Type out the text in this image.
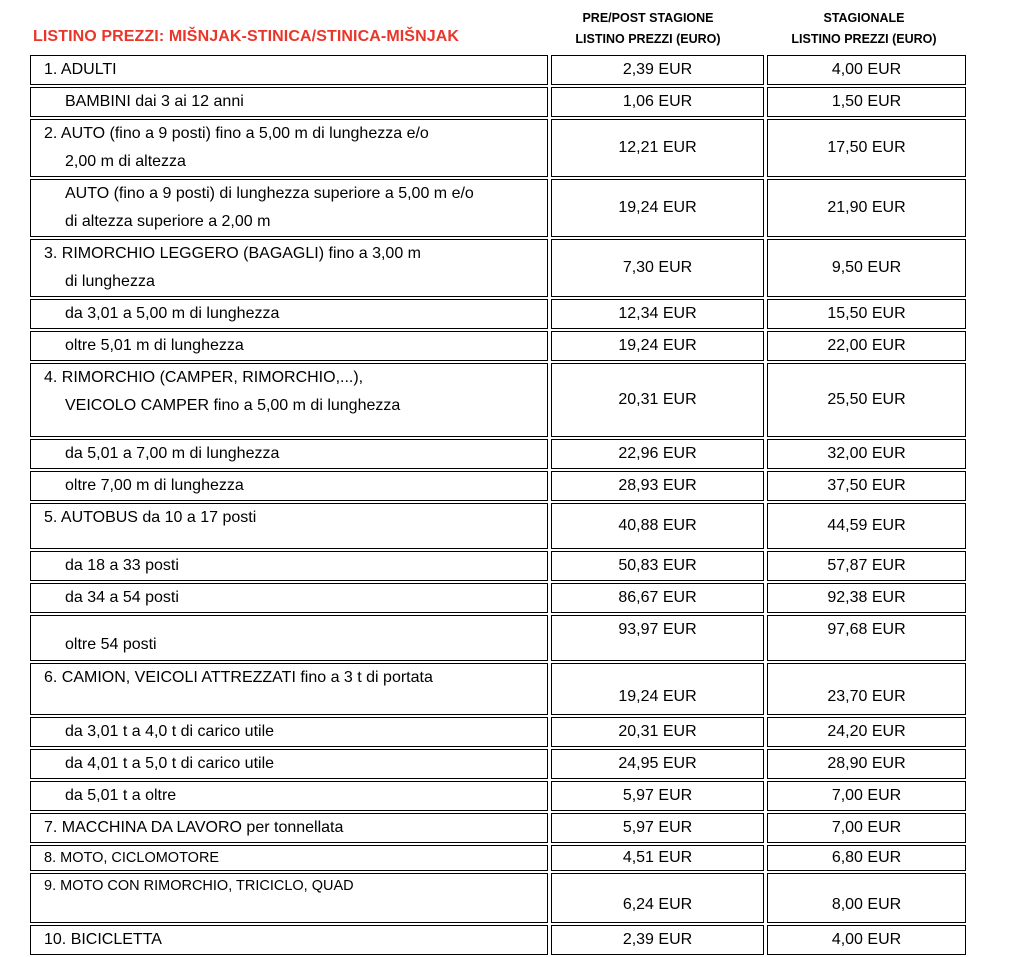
LISTINO PREZZI: MIŠNJAK-STINICA/STINICA-MIŠNJAK
PRE/POST STAGIONE
LISTINO PREZZI (EURO)
STAGIONALE
LISTINO PREZZI (EURO)
1. ADULTI		2,39 EUR		4,00 EUR
BAMBINI dai 3 ai 12 anni		1,06 EUR		1,50 EUR

2. AUTO (fino a 9 posti) fino a 5,00 m di lunghezza e/o
2,00 m di altezza		12,21 EUR		17,50 EUR

AUTO (fino a 9 posti) di lunghezza superiore a 5,00 m e/o
di altezza superiore a 2,00 m		19,24 EUR		21,90 EUR

3. RIMORCHIO LEGGERO (BAGAGLI) fino a 3,00 m
di lunghezza		7,30 EUR		9,50 EUR
da 3,01 a 5,00 m di lunghezza		12,34 EUR		15,50 EUR
oltre 5,01 m di lunghezza		19,24 EUR		22,00 EUR

4. RIMORCHIO (CAMPER, RIMORCHIO,...),
VEICOLO CAMPER fino a 5,00 m di lunghezza		20,31 EUR		25,50 EUR
da 5,01 a 7,00 m di lunghezza		22,96 EUR		32,00 EUR
oltre 7,00 m di lunghezza		28,93 EUR		37,50 EUR
5. AUTOBUS da 10 a 17 posti		40,88 EUR		44,59 EUR
da 18 a 33 posti		50,83 EUR		57,87 EUR
da 34 a 54 posti		86,67 EUR		92,38 EUR
oltre 54 posti		93,97 EUR		97,68 EUR
6. CAMION, VEICOLI ATTREZZATI fino a 3 t di portata		19,24 EUR		23,70 EUR
da 3,01 t a 4,0 t di carico utile		20,31 EUR		24,20 EUR
da 4,01 t a 5,0 t di carico utile		24,95 EUR		28,90 EUR
da 5,01 t a oltre		5,97 EUR		7,00 EUR
7. MACCHINA DA LAVORO per tonnellata		5,97 EUR		7,00 EUR
8. MOTO, CICLOMOTORE		4,51 EUR		6,80 EUR
9. MOTO CON RIMORCHIO, TRICICLO, QUAD		6,24 EUR		8,00 EUR
10. BICICLETTA		2,39 EUR		4,00 EUR
